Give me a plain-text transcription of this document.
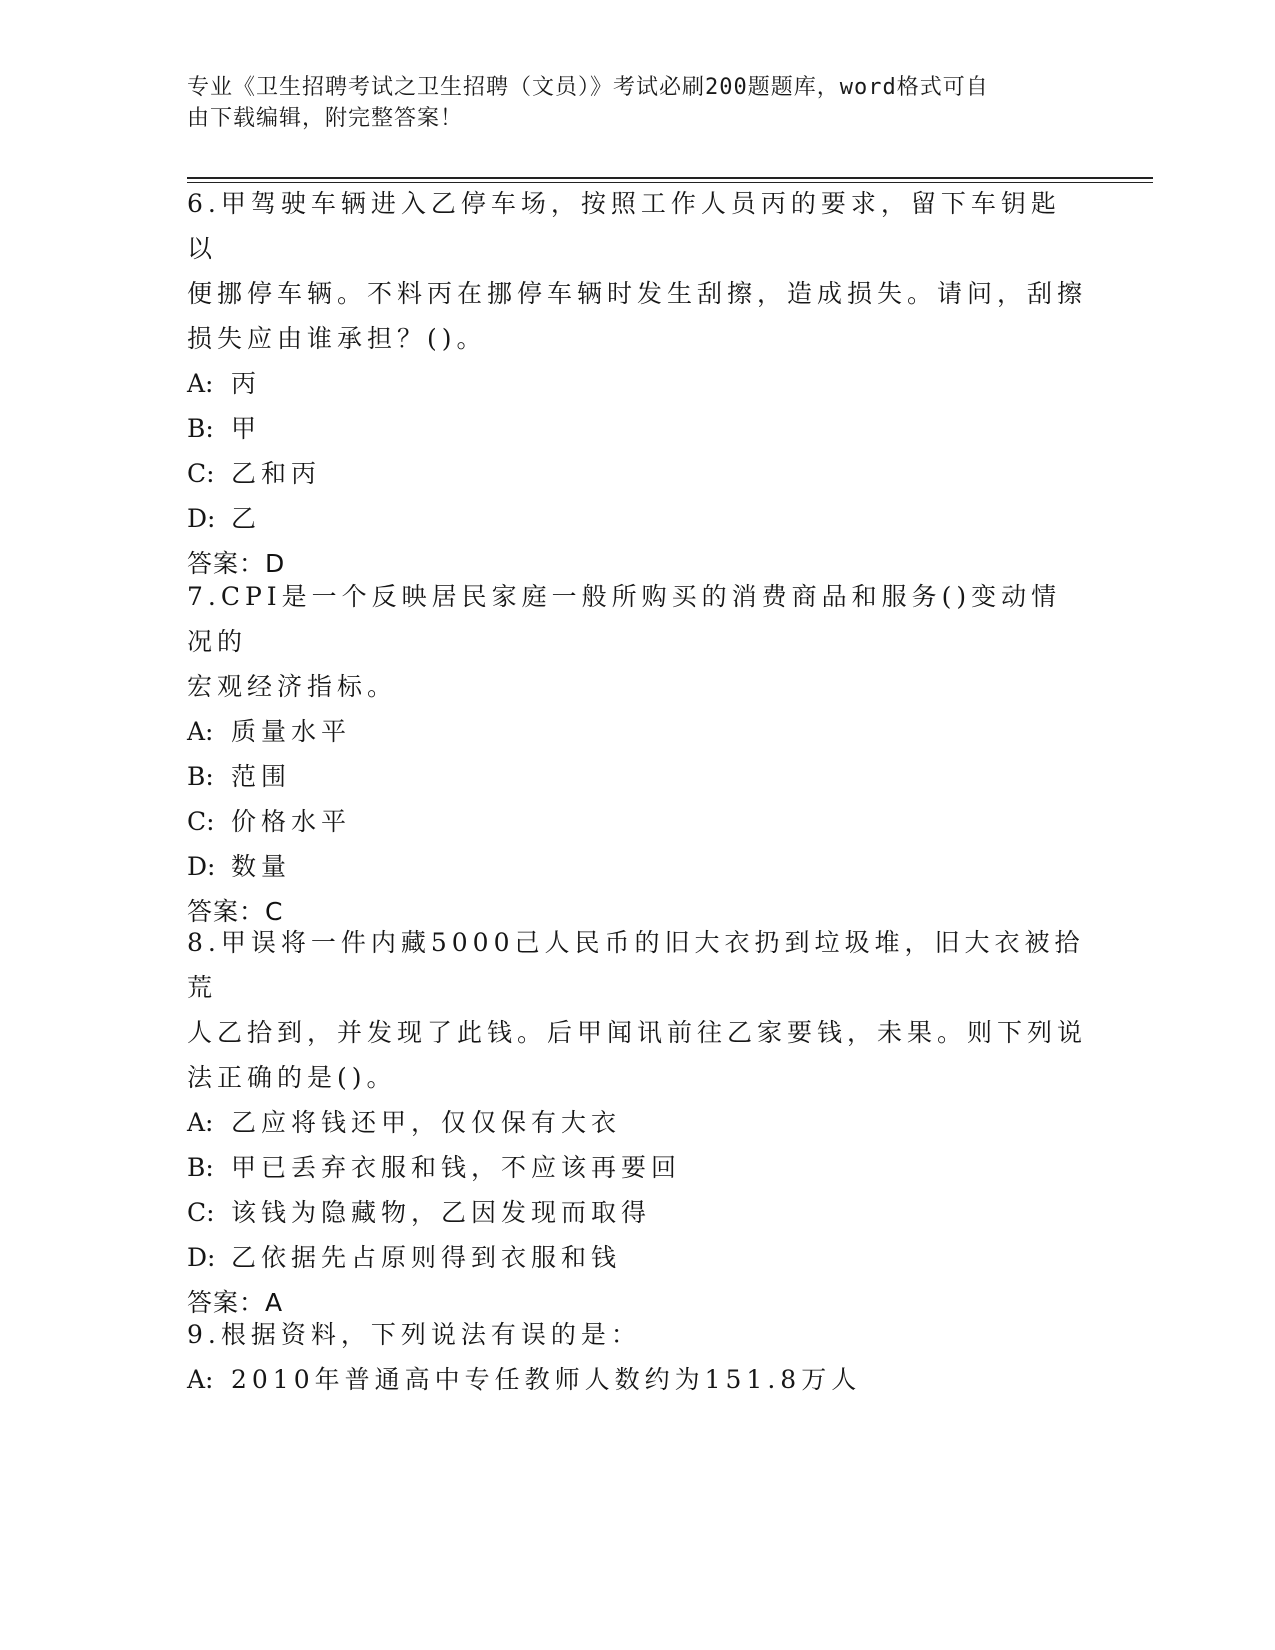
专业《卫生招聘考试之卫生招聘（文员）》考试必刷200题题库，word格式可自
由下载编辑，附完整答案！
6.甲驾驶车辆进入乙停车场，按照工作人员丙的要求，留下车钥匙以
便挪停车辆。不料丙在挪停车辆时发生刮擦，造成损失。请问，刮擦
损失应由谁承担？()。
A: 丙
B: 甲
C: 乙和丙
D: 乙
答案：D
7.CPI是一个反映居民家庭一般所购买的消费商品和服务()变动情况的
宏观经济指标。
A: 质量水平
B: 范围
C: 价格水平
D: 数量
答案：C
8.甲误将一件内藏5000己人民币的旧大衣扔到垃圾堆，旧大衣被拾荒
人乙拾到，并发现了此钱。后甲闻讯前往乙家要钱，未果。则下列说
法正确的是()。
A: 乙应将钱还甲，仅仅保有大衣
B: 甲已丢弃衣服和钱，不应该再要回
C: 该钱为隐藏物，乙因发现而取得
D: 乙依据先占原则得到衣服和钱
答案：A
9.根据资料，下列说法有误的是：
A: 2010年普通高中专任教师人数约为151.8万人
